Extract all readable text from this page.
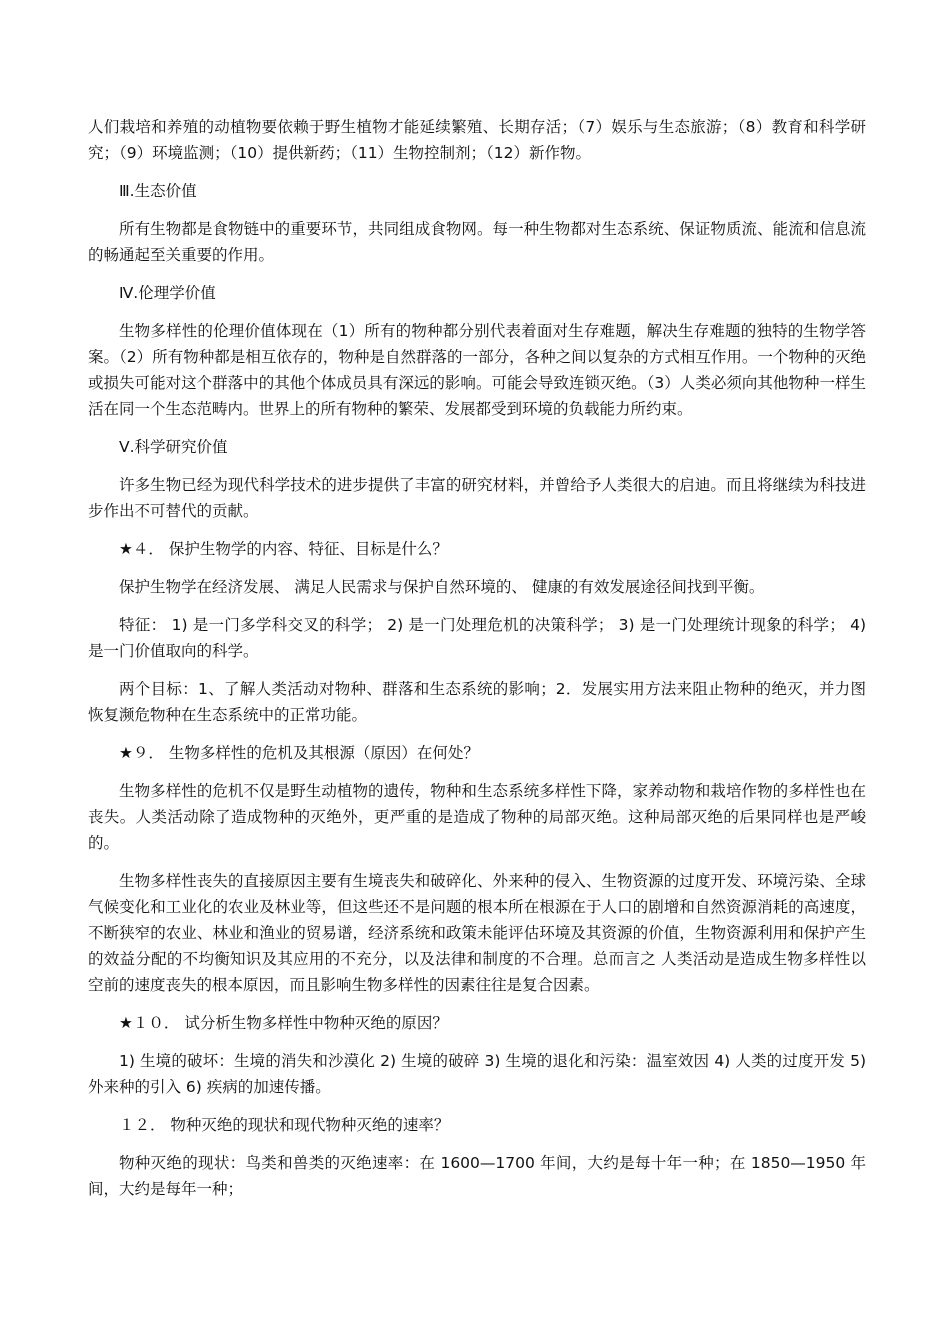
人们栽培和养殖的动植物要依赖于野生植物才能延续繁殖、长期存活；（7）娱乐与生态旅游；（8）教育和科学研究；（9）环境监测；（10）提供新药；（11）生物控制剂；（12）新作物。

Ⅲ.生态价值

所有生物都是食物链中的重要环节，共同组成食物网。每一种生物都对生态系统、保证物质流、能流和信息流的畅通起至关重要的作用。

Ⅳ.伦理学价值

生物多样性的伦理价值体现在（1）所有的物种都分别代表着面对生存难题，解决生存难题的独特的生物学答案。（2）所有物种都是相互依存的，物种是自然群落的一部分，各种之间以复杂的方式相互作用。一个物种的灭绝或损失可能对这个群落中的其他个体成员具有深远的影响。可能会导致连锁灭绝。（3）人类必须向其他物种一样生活在同一个生态范畴内。世界上的所有物种的繁荣、发展都受到环境的负载能力所约束。

Ⅴ.科学研究价值

许多生物已经为现代科学技术的进步提供了丰富的研究材料，并曾给予人类很大的启迪。而且将继续为科技进步作出不可替代的贡献。

★４． 保护生物学的内容、特征、目标是什么？

保护生物学在经济发展、 满足人民需求与保护自然环境的、 健康的有效发展途径间找到平衡。

特征： 1) 是一门多学科交叉的科学； 2) 是一门处理危机的决策科学； 3) 是一门处理统计现象的科学； 4) 是一门价值取向的科学。

两个目标：1、了解人类活动对物种、群落和生态系统的影响；2．发展实用方法来阻止物种的绝灭，并力图恢复濒危物种在生态系统中的正常功能。

★９． 生物多样性的危机及其根源（原因）在何处？

生物多样性的危机不仅是野生动植物的遗传，物种和生态系统多样性下降，家养动物和栽培作物的多样性也在丧失。人类活动除了造成物种的灭绝外，更严重的是造成了物种的局部灭绝。这种局部灭绝的后果同样也是严峻的。

生物多样性丧失的直接原因主要有生境丧失和破碎化、外来种的侵入、生物资源的过度开发、环境污染、全球气候变化和工业化的农业及林业等，但这些还不是问题的根本所在根源在于人口的剧增和自然资源消耗的高速度，不断狭窄的农业、林业和渔业的贸易谱，经济系统和政策未能评估环境及其资源的价值，生物资源利用和保护产生的效益分配的不均衡知识及其应用的不充分，以及法律和制度的不合理。总而言之 人类活动是造成生物多样性以空前的速度丧失的根本原因，而且影响生物多样性的因素往往是复合因素。

★１０． 试分析生物多样性中物种灭绝的原因？

1) 生境的破坏：生境的消失和沙漠化 2) 生境的破碎 3) 生境的退化和污染：温室效因 4) 人类的过度开发 5) 外来种的引入 6) 疾病的加速传播。

１２． 物种灭绝的现状和现代物种灭绝的速率？

物种灭绝的现状：鸟类和兽类的灭绝速率：在 1600—1700 年间，大约是每十年一种；在 1850—1950 年间，大约是每年一种；
